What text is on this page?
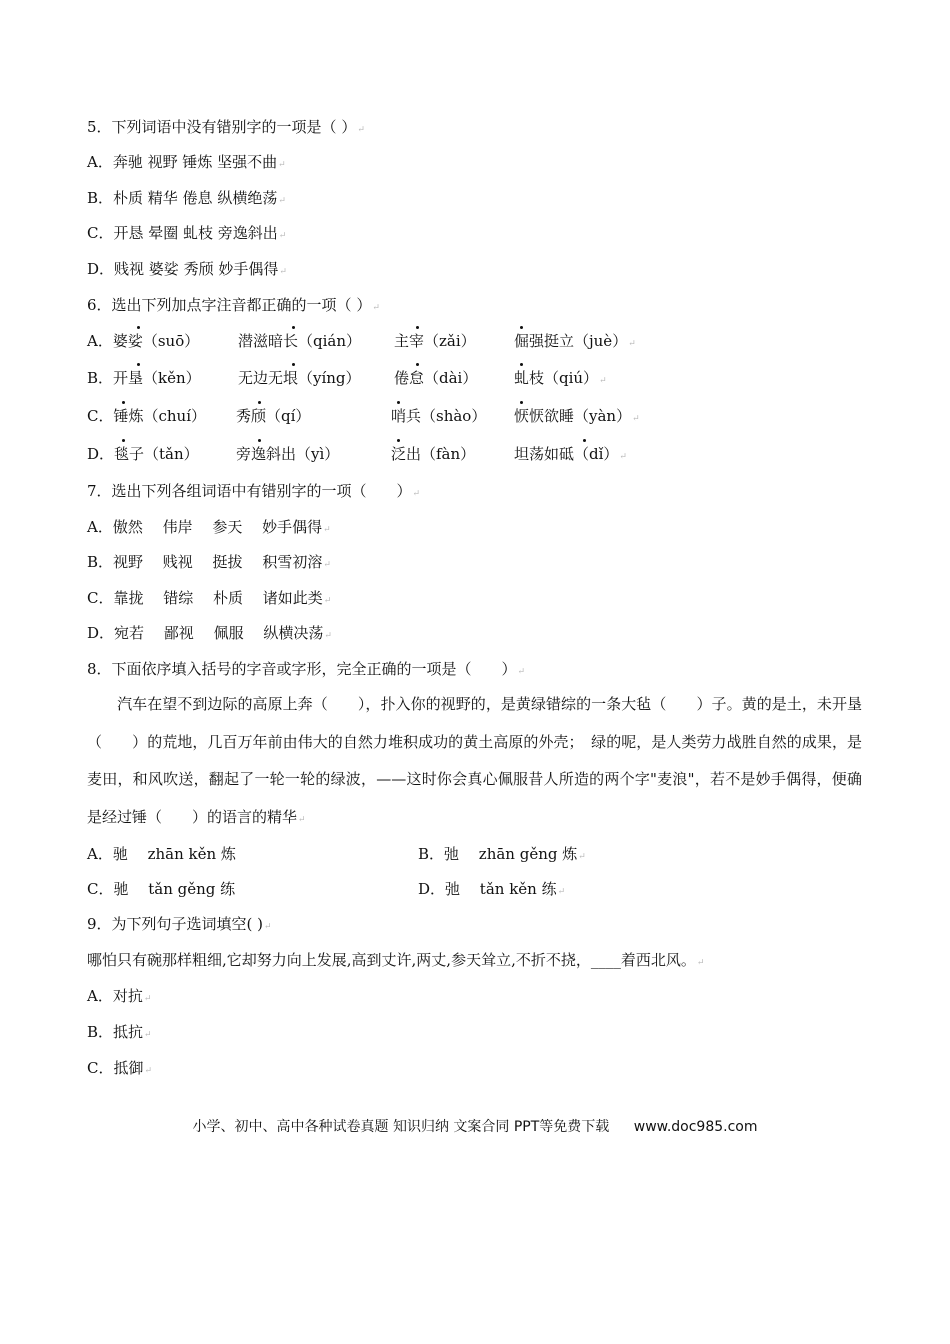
5．下列词语中没有错别字的一项是（ ）↵
A．奔驰 视野 锤炼 坚强不曲↵
B．朴质 精华 倦息 纵横绝荡↵
C．开恳 晕圈 虬枝 旁逸斜出↵
D．贱视 婆娑 秀颀 妙手偶得↵
6．选出下列加点字注音都正确的一项（ ）↵
A．婆娑（suō）	潜滋暗长（qián） 主宰（zǎi）	倔强挺立（juè）
↵
B．开垦（kěn） 无边无垠（yíng） 倦怠（dài） 虬枝（qiú）
↵
C．锤炼（chuí） 秀颀（qí）	哨兵（shào） 恹恹欲睡（yàn）
↵
D．毯子（tǎn） 旁逸斜出（yì）	泛出（fàn）	坦荡如砥（dǐ）
↵
7．选出下列各组词语中有错别字的一项（　　）↵
A．傲然　 伟岸　 参天　 妙手偶得↵
B．视野　 贱视　 挺拔　 积雪初溶↵
C．靠拢　 错综　 朴质　 诸如此类↵
D．宛若　 鄙视　 佩服　 纵横决荡↵
8．下面依序填入括号的字音或字形，完全正确的一项是（　　）↵
　　汽车在望不到边际的高原上奔（　　），扑入你的视野的，是黄绿错综的一条大毡（　　）子。黄的是土，未开垦（　　）的荒地，几百万年前由伟大的自然力堆积成功的黄土高原的外壳；　绿的呢，是人类劳力战胜自然的成果，是麦田，和风吹送，翻起了一轮一轮的绿波，——这时你会真心佩服昔人所造的两个字"麦浪"，若不是妙手偶得，便确是经过锤（　　）的语言的精华↵
A．驰　 zhān kěn 炼	B．弛　 zhān gěng 炼↵
C．驰　 tǎn gěng 练	D．弛　 tǎn kěn 练↵
9．为下列句子选词填空( )↵
哪怕只有碗那样粗细,它却努力向上发展,高到丈许,两丈,参天耸立,不折不挠，____着西北风。↵
A．对抗↵
B．抵抗↵
C．抵御↵
小学、初中、高中各种试卷真题 知识归纳 文案合同 PPT等免费下载 www.doc985.com
